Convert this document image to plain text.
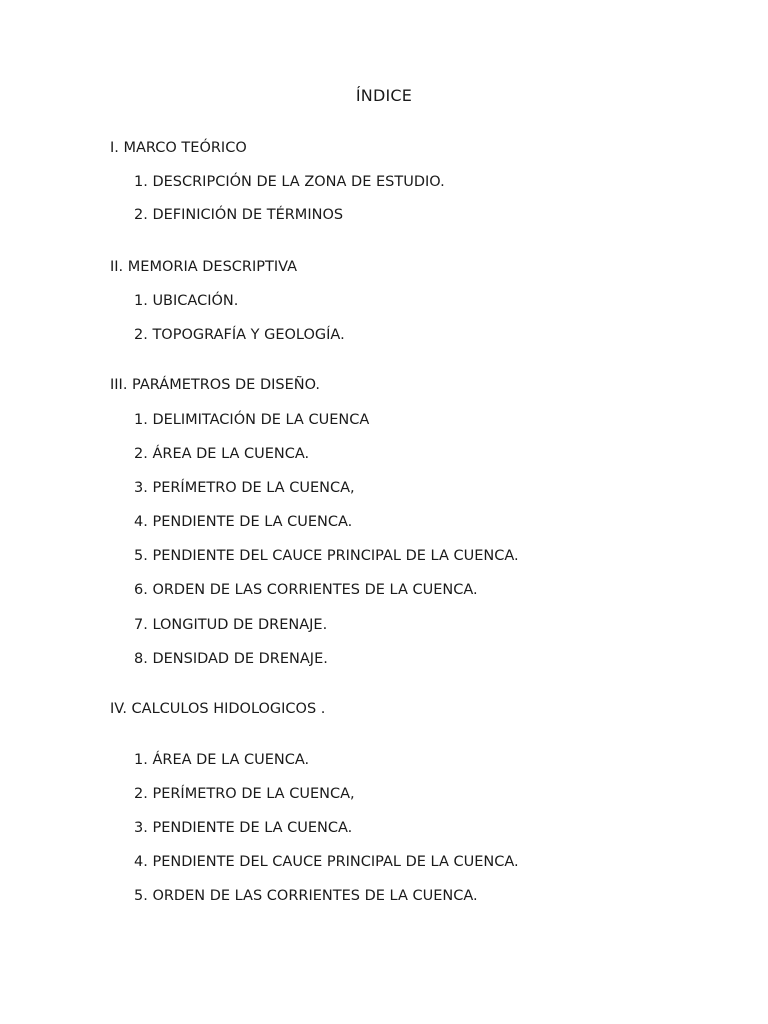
ÍNDICE
I. MARCO TEÓRICO
1. DESCRIPCIÓN DE LA ZONA DE ESTUDIO.
2. DEFINICIÓN DE TÉRMINOS
II. MEMORIA DESCRIPTIVA
1. UBICACIÓN.
2. TOPOGRAFÍA Y GEOLOGÍA.
III. PARÁMETROS DE DISEÑO.
1. DELIMITACIÓN DE LA CUENCA
2. ÁREA DE LA CUENCA.
3. PERÍMETRO DE LA CUENCA,
4. PENDIENTE DE LA CUENCA.
5. PENDIENTE DEL CAUCE PRINCIPAL DE LA CUENCA.
6. ORDEN DE LAS CORRIENTES DE LA CUENCA.
7. LONGITUD DE DRENAJE.
8. DENSIDAD DE DRENAJE.
IV. CALCULOS HIDOLOGICOS .
1. ÁREA DE LA CUENCA.
2. PERÍMETRO DE LA CUENCA,
3. PENDIENTE DE LA CUENCA.
4. PENDIENTE DEL CAUCE PRINCIPAL DE LA CUENCA.
5. ORDEN DE LAS CORRIENTES DE LA CUENCA.
